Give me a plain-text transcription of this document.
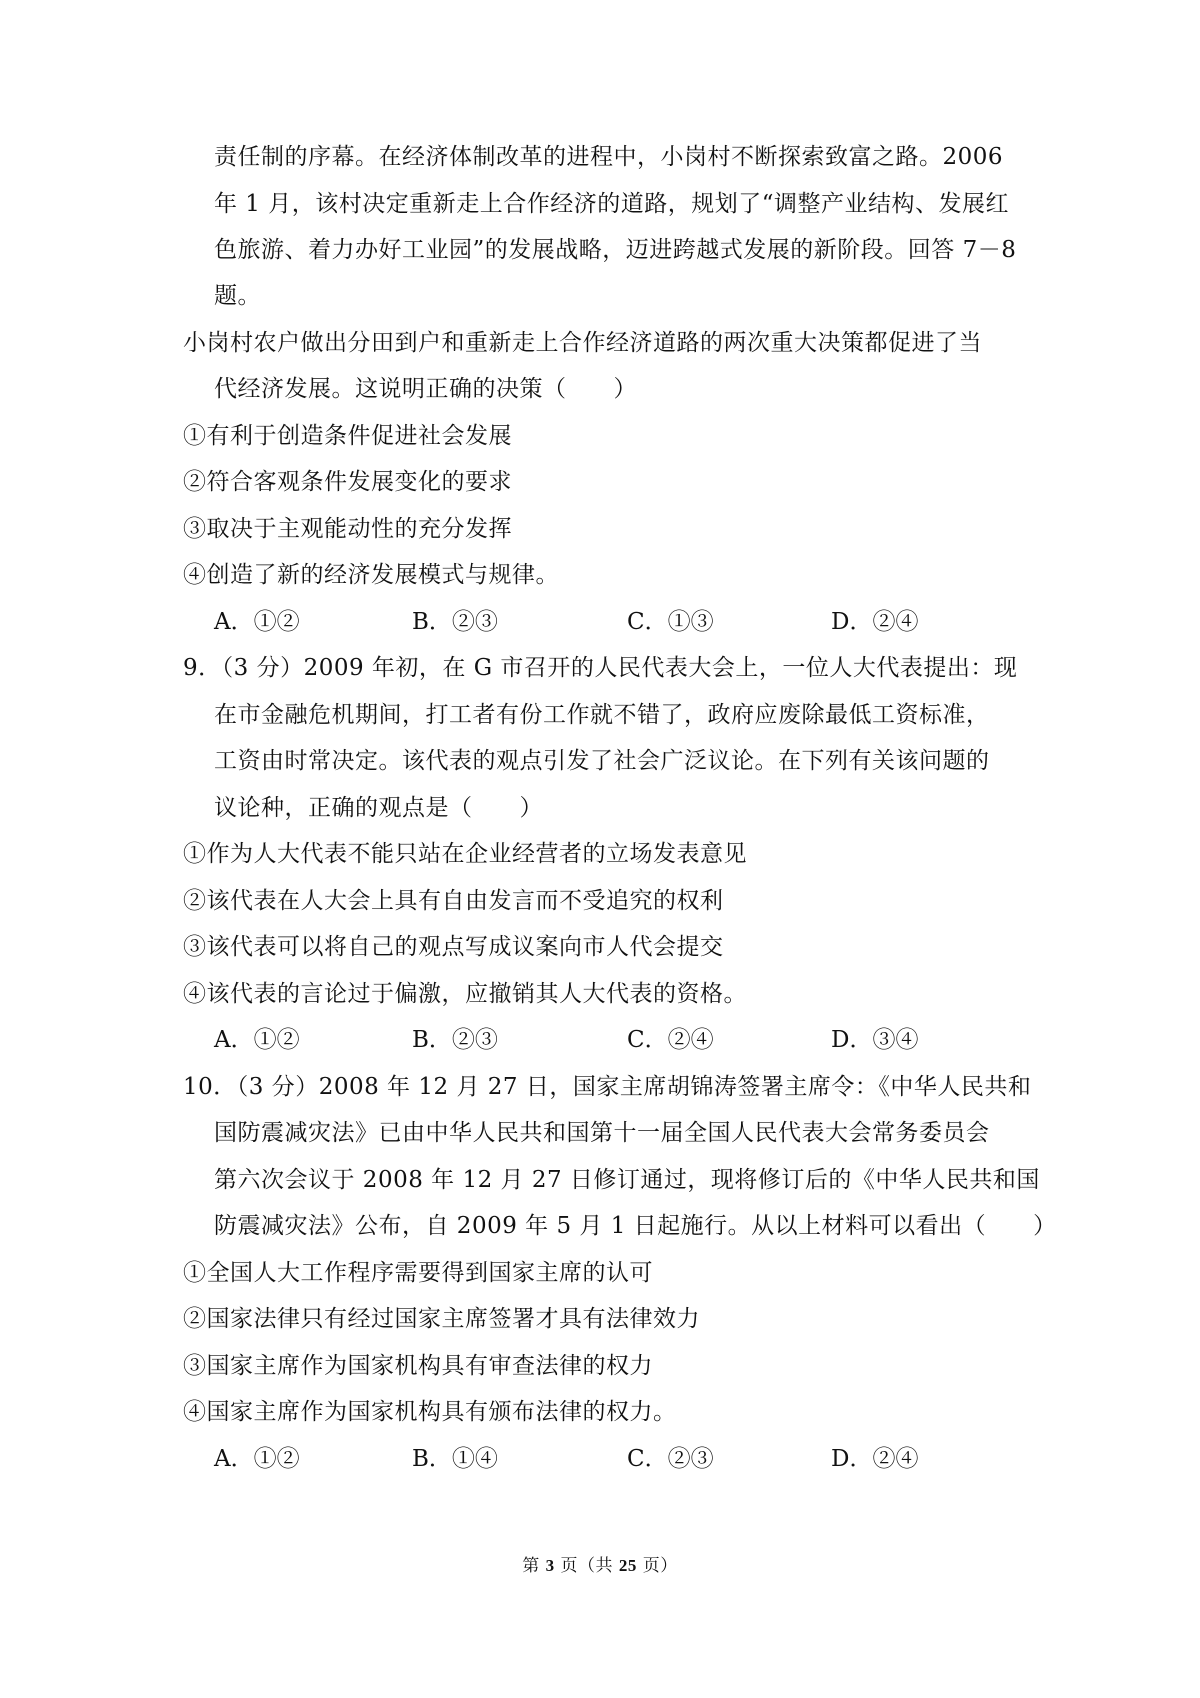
责任制的序幕。在经济体制改革的进程中，小岗村不断探索致富之路。2006
年 1 月，该村决定重新走上合作经济的道路，规划了“调整产业结构、发展红
色旅游、着力办好工业园”的发展战略，迈进跨越式发展的新阶段。回答 7－8
题。
小岗村农户做出分田到户和重新走上合作经济道路的两次重大决策都促进了当
代经济发展。这说明正确的决策（　　）
①有利于创造条件促进社会发展
②符合客观条件发展变化的要求
③取决于主观能动性的充分发挥
④创造了新的经济发展模式与规律。
A．①②	B．②③	C．①③	D．②④
9．（3 分）2009 年初，在 G 市召开的人民代表大会上，一位人大代表提出：现
在市金融危机期间，打工者有份工作就不错了，政府应废除最低工资标准，
工资由时常决定。该代表的观点引发了社会广泛议论。在下列有关该问题的
议论种，正确的观点是（　　）
①作为人大代表不能只站在企业经营者的立场发表意见
②该代表在人大会上具有自由发言而不受追究的权利
③该代表可以将自己的观点写成议案向市人代会提交
④该代表的言论过于偏激，应撤销其人大代表的资格。
A．①②	B．②③	C．②④	D．③④
10．（3 分）2008 年 12 月 27 日，国家主席胡锦涛签署主席令：《中华人民共和
国防震减灾法》已由中华人民共和国第十一届全国人民代表大会常务委员会
第六次会议于 2008 年 12 月 27 日修订通过，现将修订后的《中华人民共和国
防震减灾法》公布，自 2009 年 5 月 1 日起施行。从以上材料可以看出（　　）
①全国人大工作程序需要得到国家主席的认可
②国家法律只有经过国家主席签署才具有法律效力
③国家主席作为国家机构具有审查法律的权力
④国家主席作为国家机构具有颁布法律的权力。
A．①②	B．①④	C．②③	D．②④
第 3 页（共 25 页）
